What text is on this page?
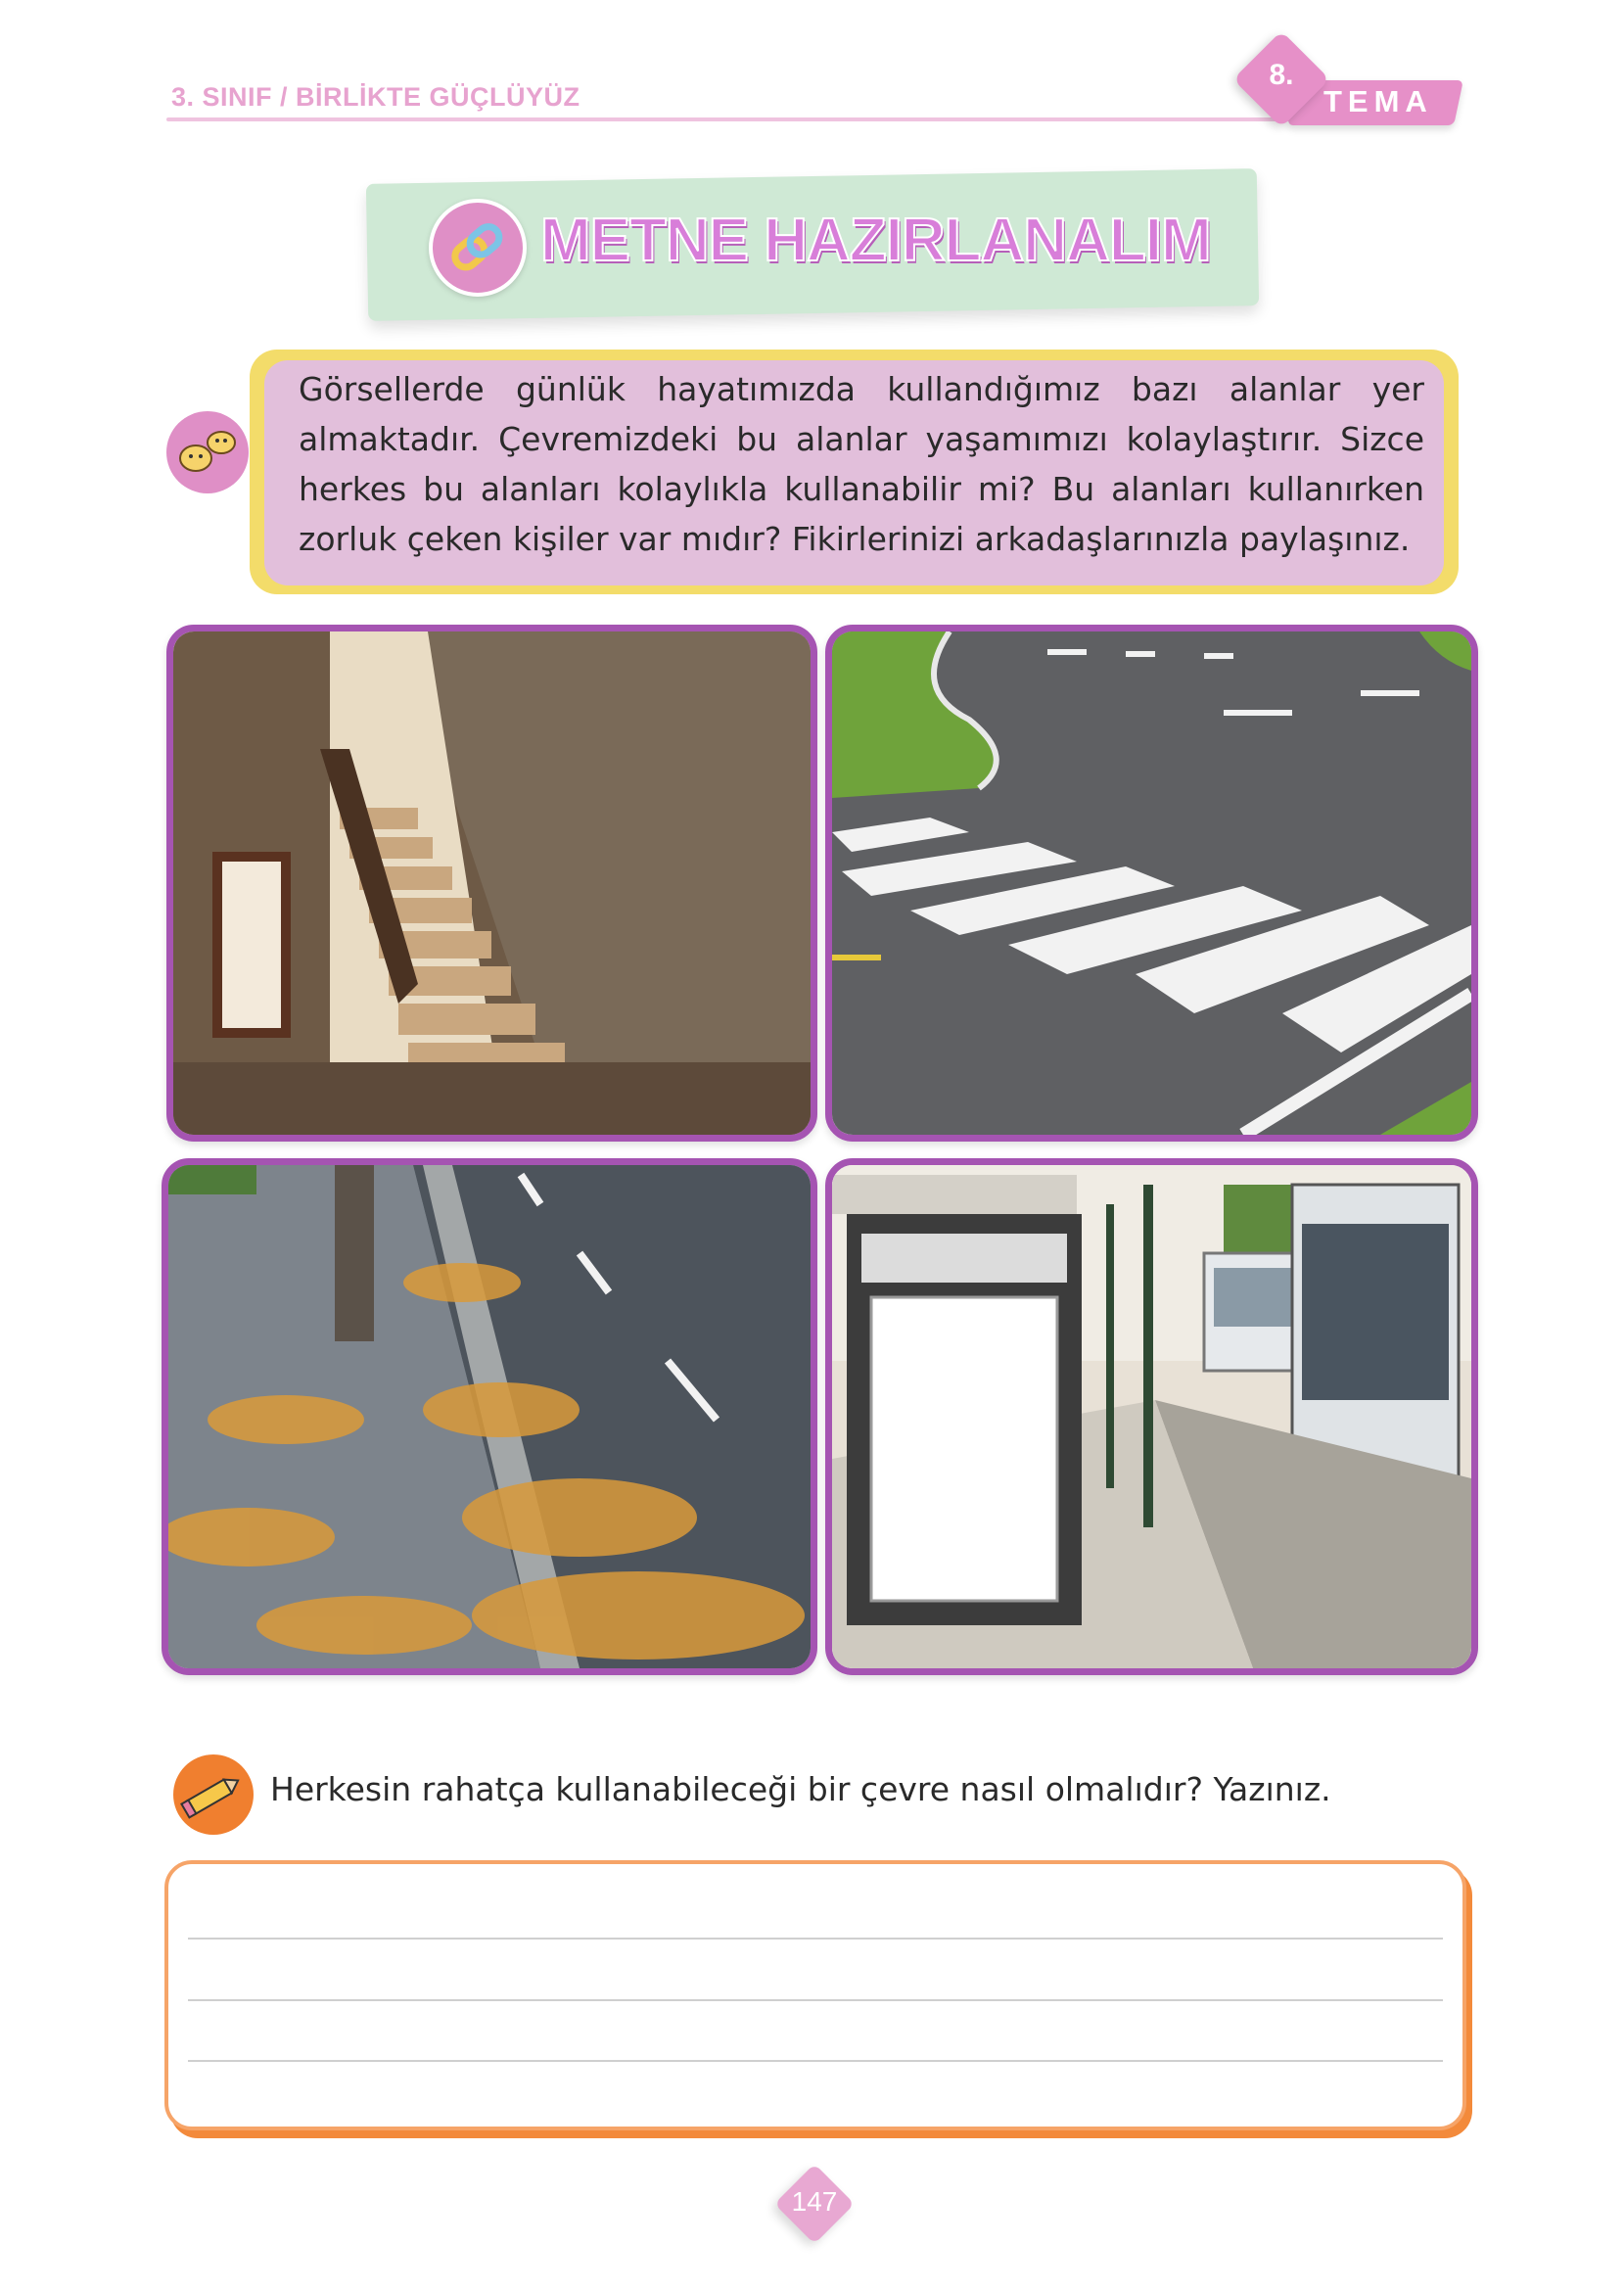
3. SINIF / BİRLİKTE GÜÇLÜYÜZ	TEMA
8.
METNE HAZIRLANALIM
Görsellerde günlük hayatımızda kullandığımız bazı alanlar yer almaktadır. Çevremizdeki bu alanlar yaşamımızı kolaylaştırır. Sizce herkes bu alanları kolaylıkla kullanabilir mi? Bu alanları kullanırken zorluk çeken kişiler var mıdır? Fikirlerinizi arkadaşlarınızla paylaşınız.
Herkesin rahatça kullanabileceği bir çevre nasıl olmalıdır? Yazınız.
147
